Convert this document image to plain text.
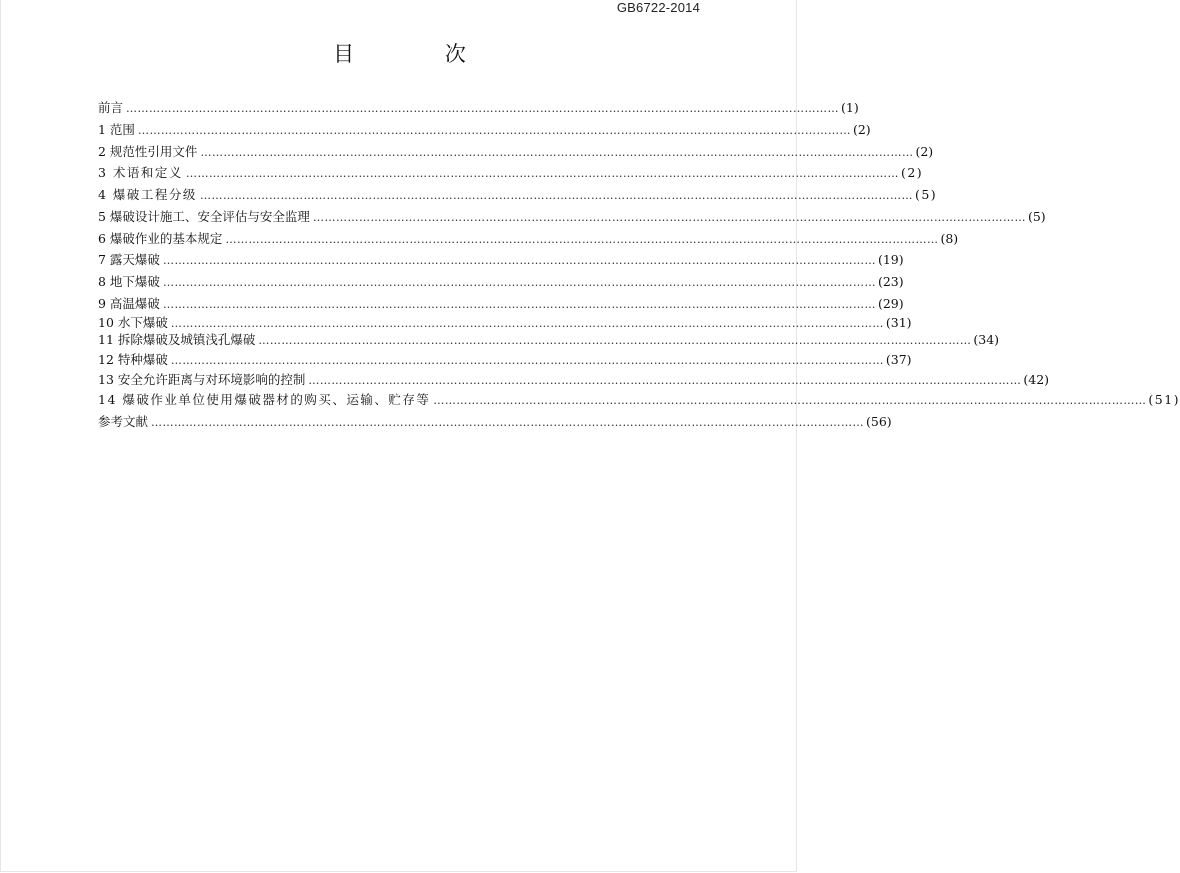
GB6722-2014
目 次
前言 …………………………………………………………………………………………………………………………………………………………………… (1)
1 范围 …………………………………………………………………………………………………………………………………………………………………… (2)
2 规范性引用文件 …………………………………………………………………………………………………………………………………………………………………… (2)
3 术语和定义 …………………………………………………………………………………………………………………………………………………………………… (2)
4 爆破工程分级 …………………………………………………………………………………………………………………………………………………………………… (5)
5 爆破设计施工、安全评估与安全监理 …………………………………………………………………………………………………………………………………………………………………… (5)
6 爆破作业的基本规定 …………………………………………………………………………………………………………………………………………………………………… (8)
7 露天爆破 …………………………………………………………………………………………………………………………………………………………………… (19)
8 地下爆破 …………………………………………………………………………………………………………………………………………………………………… (23)
9 高温爆破 …………………………………………………………………………………………………………………………………………………………………… (29)
10 水下爆破 …………………………………………………………………………………………………………………………………………………………………… (31)
11 拆除爆破及城镇浅孔爆破 …………………………………………………………………………………………………………………………………………………………………… (34)
12 特种爆破 …………………………………………………………………………………………………………………………………………………………………… (37)
13 安全允许距离与对环境影响的控制 …………………………………………………………………………………………………………………………………………………………………… (42)
14 爆破作业单位使用爆破器材的购买、运输、贮存等 …………………………………………………………………………………………………………………………………………………………………… (51)
参考文献 …………………………………………………………………………………………………………………………………………………………………… (56)
